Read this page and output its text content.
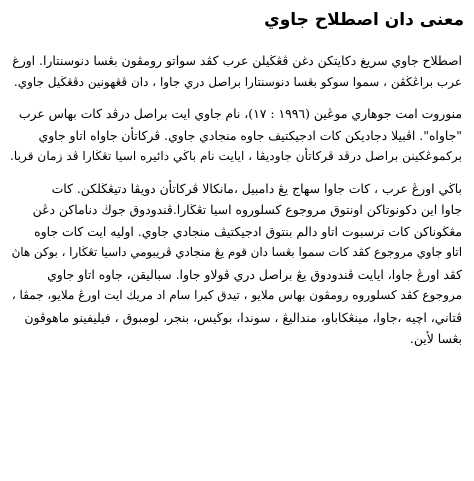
معنى دان اصطلاح جاوي
اصطلاح جاوي سريغ دكايتكن دغن ڤڠڬيلن عرب كڤد سواتو رومڤون بڠسا دنوسنتارا. اورغ
عرب براڠڬڤن ، سموا سوكو بڠسا دنوسنتارا براصل دري جاوا ، دان ڤڠهونين دڤڠڬيل جاوي.
منوروت امت جوهاري موڠين (١٩٩٦ : ١٧)، نام جاوي ايت براصل درڤد كات بهاس عرب
"جاواه". اڤبيلا دجاديكن كات ادجيكتيف جاوه منجادي جاوي. ڤركاتأن جاواه اتاو جاوي
بركموڠكينن براصل درڤد ڤركاتأن جاوديڤا ، ايايت نام باڬي دائيره اسيا تڠڬارا ڤد زمان قربا.
باڬي اورڠ عرب ، كات جاوا سهاج يڠ دامبيل ،مانكالا ڤركاتأن دويڤا دتيڠڬلكن. كات
جاوا اين دكونوتاكن اونتوق مروجوع كسلوروه اسيا تڠڬارا.ڤندودوق جوڬ دناماكن دڠن
مڠڬوناكن كات ترسبوت اتاو دالم بنتوق ادجيكتيڤ منجادي جاوي. اوليه ايت كات جاوه
اتاو جاوي مروجوع كڤد كات سموا بڠسا دان قوم يڠ منجادي ڤريبومي داسيا تڠڬارا ، بوكن هاڽ
كڤد اورڠ جاوا، ايايت ڤندودوق يڠ براصل دري ڤولاو جاوا. سباليقن، جاوه اتاو جاوي
مروجوع كڤد كسلوروه رومڤون بهاس ملايو ، تيدق كيرا سام اد مريك ايت اورڠ ملايو، جمڤا ،
ڤتاني، اچيه ،جاوا، مينڠكاباو، منداليڠ ، سوندا، بوڬيس، بنجر، لومبوق ، فيليفينو ماهوڤون
بڠسا لأين.
